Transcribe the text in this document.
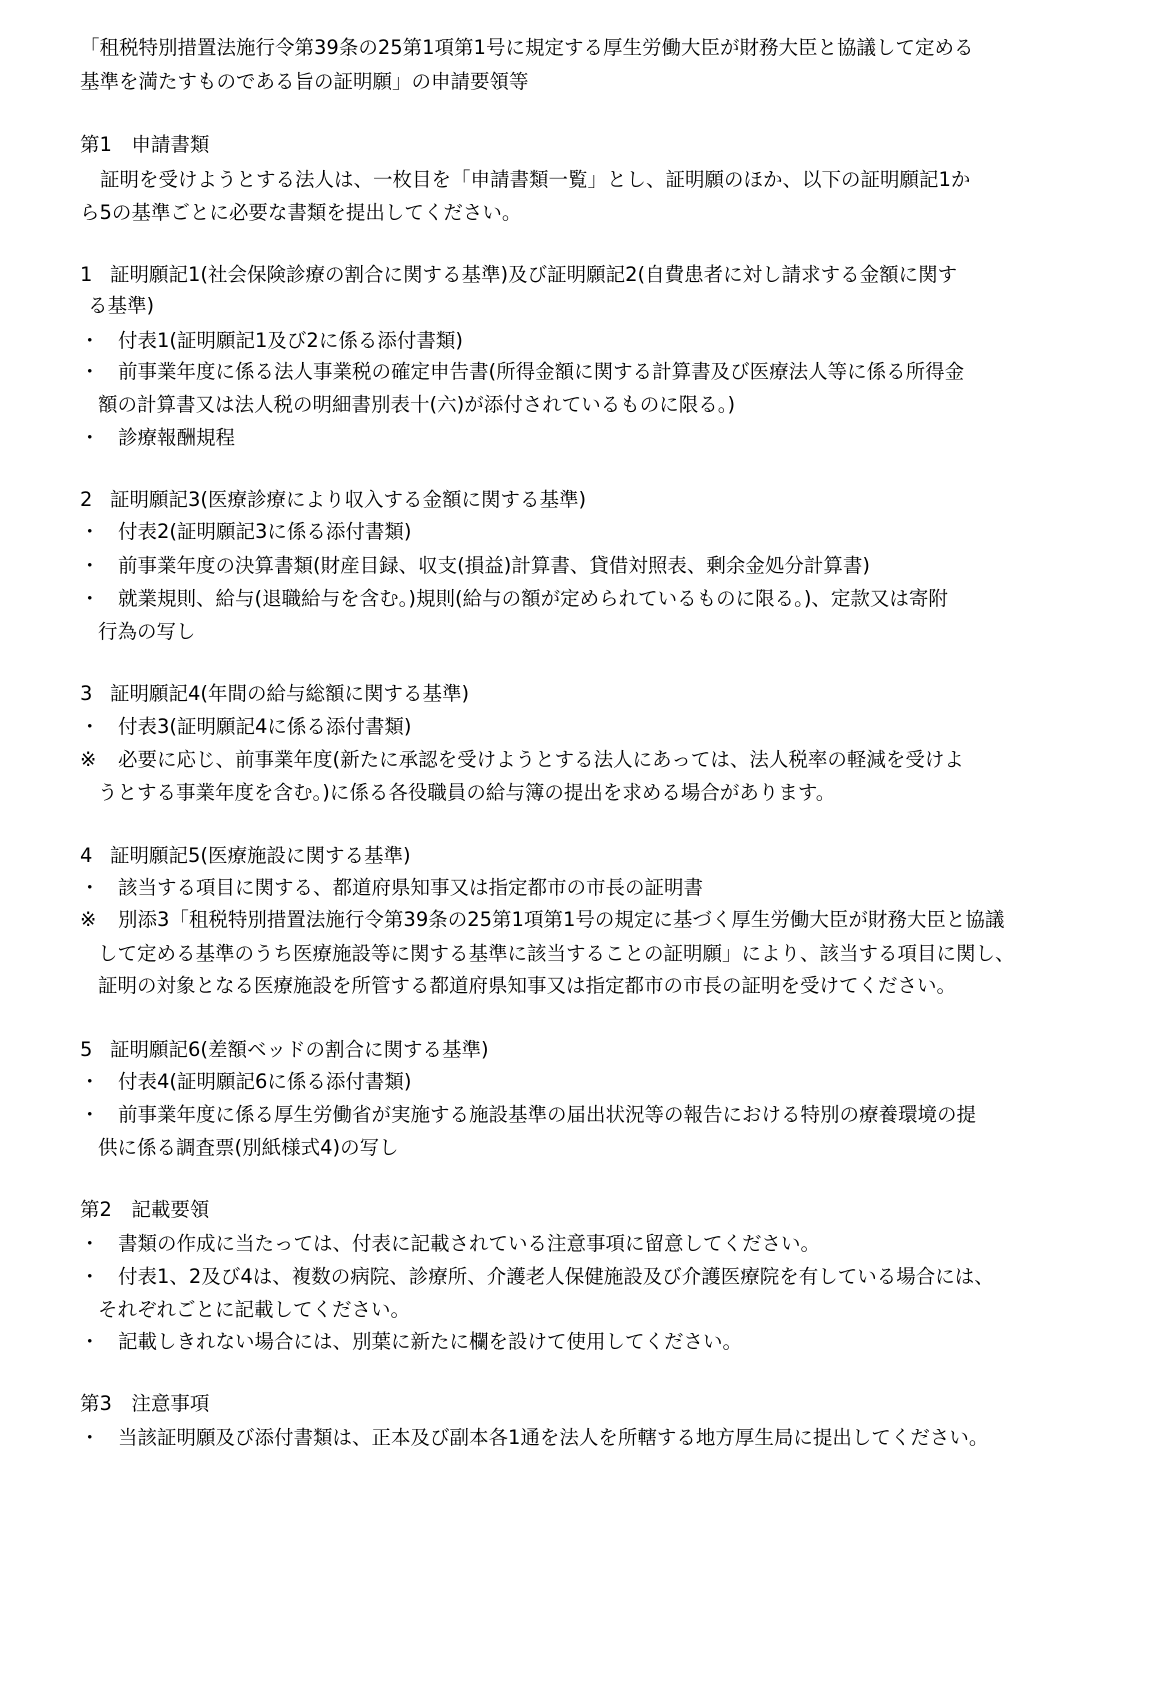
「租税特別措置法施行令第39条の25第1項第1号に規定する厚生労働大臣が財務大臣と協議して定める
基準を満たすものである旨の証明願」の申請要領等
第1　申請書類
証明を受けようとする法人は、一枚目を「申請書類一覧」とし、証明願のほか、以下の証明願記1か
ら5の基準ごとに必要な書類を提出してください。
1 証明願記1(社会保険診療の割合に関する基準)及び証明願記2(自費患者に対し請求する金額に関す
る基準)
・ 付表1(証明願記1及び2に係る添付書類)
・ 前事業年度に係る法人事業税の確定申告書(所得金額に関する計算書及び医療法人等に係る所得金
額の計算書又は法人税の明細書別表十(六)が添付されているものに限る。)
・ 診療報酬規程
2 証明願記3(医療診療により収入する金額に関する基準)
・ 付表2(証明願記3に係る添付書類)
・ 前事業年度の決算書類(財産目録、収支(損益)計算書、貸借対照表、剰余金処分計算書)
・ 就業規則、給与(退職給与を含む。)規則(給与の額が定められているものに限る。)、定款又は寄附
行為の写し
3 証明願記4(年間の給与総額に関する基準)
・ 付表3(証明願記4に係る添付書類)
※ 必要に応じ、前事業年度(新たに承認を受けようとする法人にあっては、法人税率の軽減を受けよ
うとする事業年度を含む。)に係る各役職員の給与簿の提出を求める場合があります。
4 証明願記5(医療施設に関する基準)
・ 該当する項目に関する、都道府県知事又は指定都市の市長の証明書
※ 別添3「租税特別措置法施行令第39条の25第1項第1号の規定に基づく厚生労働大臣が財務大臣と協議
して定める基準のうち医療施設等に関する基準に該当することの証明願」により、該当する項目に関し、
証明の対象となる医療施設を所管する都道府県知事又は指定都市の市長の証明を受けてください。
5 証明願記6(差額ベッドの割合に関する基準)
・ 付表4(証明願記6に係る添付書類)
・ 前事業年度に係る厚生労働省が実施する施設基準の届出状況等の報告における特別の療養環境の提
供に係る調査票(別紙様式4)の写し
第2　記載要領
・ 書類の作成に当たっては、付表に記載されている注意事項に留意してください。
・ 付表1、2及び4は、複数の病院、診療所、介護老人保健施設及び介護医療院を有している場合には、
それぞれごとに記載してください。
・ 記載しきれない場合には、別葉に新たに欄を設けて使用してください。
第3　注意事項
・ 当該証明願及び添付書類は、正本及び副本各1通を法人を所轄する地方厚生局に提出してください。
